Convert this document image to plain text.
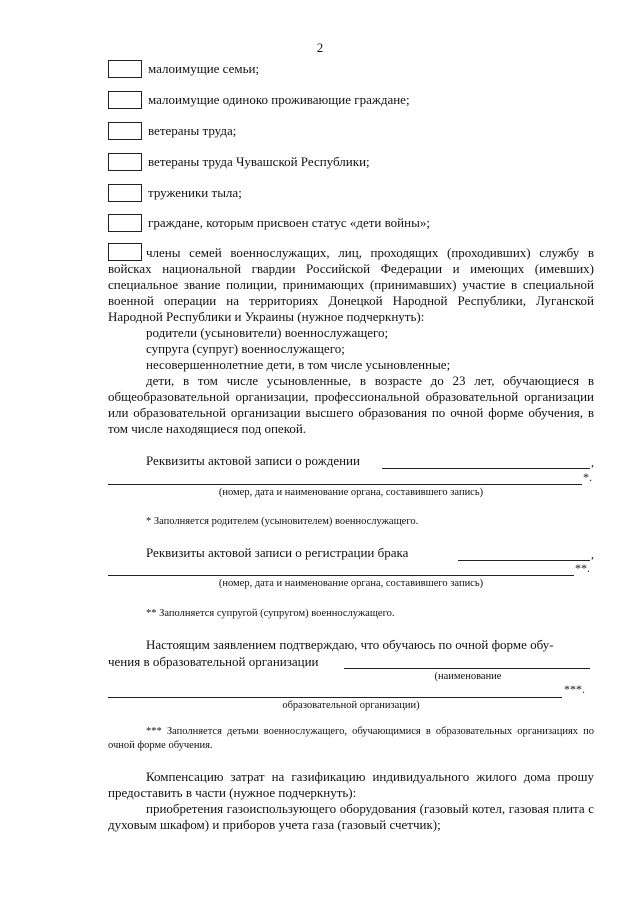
2
малоимущие семьи;
малоимущие одиноко проживающие граждане;
ветераны труда;
ветераны труда Чувашской Республики;
труженики тыла;
граждане, которым присвоен статус «дети войны»;

члены семей военнослужащих, лиц, проходящих (проходивших) службу в войсках национальной гвардии Российской Федерации и имеющих (имевших) специальное звание полиции, принимающих (принимавших) участие в специальной военной операции на территориях Донецкой Народной Республики, Луганской Народной Республики и Украины (нужное подчеркнуть):

родители (усыновители) военнослужащего;

супруга (супруг) военнослужащего;

несовершеннолетние дети, в том числе усыновленные;

дети, в том числе усыновленные, в возрасте до 23 лет, обучающиеся в общеобразовательной организации, профессиональной образовательной организации или образовательной организации высшего образования по очной форме обучения, в том числе находящиеся под опекой.

Реквизиты актовой записи о рождении	,
*.
(номер, дата и наименование органа, составившего запись)
* Заполняется родителем (усыновителем) военнослужащего.
Реквизиты актовой записи о регистрации брака	,
**.
(номер, дата и наименование органа, составившего запись)
** Заполняется супругой (супругом) военнослужащего.
Настоящим заявлением подтверждаю, что обучаюсь по очной форме обу-
чения в образовательной организации
(наименование
***.
образовательной организации)
*** Заполняется детьми военнослужащего, обучающимися в образовательных организациях по очной форме обучения.

Компенсацию затрат на газификацию индивидуального жилого дома прошу предоставить в части (нужное подчеркнуть):

приобретения газоиспользующего оборудования (газовый котел, газовая плита с духовым шкафом) и приборов учета газа (газовый счетчик);
